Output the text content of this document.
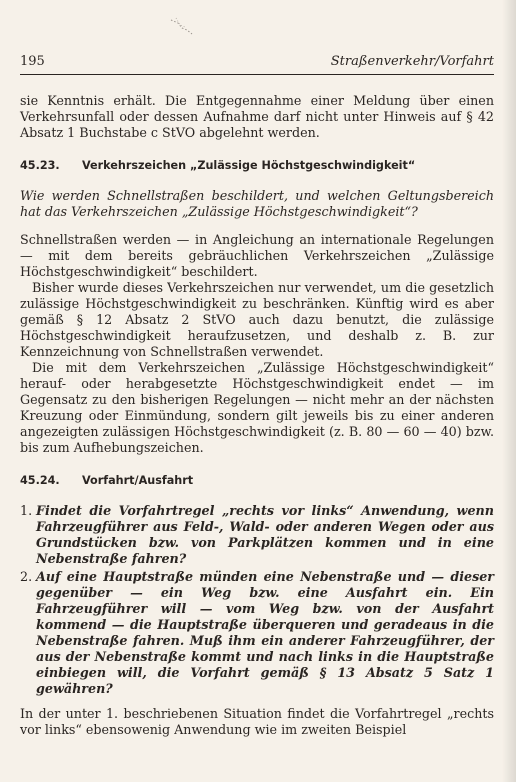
195	Straßenverkehr/Vorfahrt

sie Kenntnis erhält. Die Entgegennahme einer Meldung über einen Verkehrsunfall oder dessen Aufnahme darf nicht unter Hinweis auf § 42 Absatz 1 Buchstabe c StVO abgelehnt werden.

45.23.	Verkehrszeichen „Zulässige Höchstgeschwindigkeit“

Wie werden Schnellstraßen beschildert, und welchen Geltungsbereich hat das Verkehrszeichen „Zulässige Höchstgeschwindigkeit“?

Schnellstraßen werden — in Angleichung an internationale Regelungen — mit dem bereits gebräuchlichen Verkehrszeichen „Zulässige Höchstgeschwindigkeit“ beschildert.

Bisher wurde dieses Verkehrszeichen nur verwendet, um die gesetzlich zulässige Höchstgeschwindigkeit zu beschränken. Künftig wird es aber gemäß § 12 Absatz 2 StVO auch dazu benutzt, die zulässige Höchstgeschwindigkeit heraufzusetzen, und deshalb z. B. zur Kennzeichnung von Schnellstraßen verwendet.

Die mit dem Verkehrszeichen „Zulässige Höchstgeschwindigkeit“ herauf- oder herabgesetzte Höchstgeschwindigkeit endet — im Gegensatz zu den bisherigen Regelungen — nicht mehr an der nächsten Kreuzung oder Einmündung, sondern gilt jeweils bis zu einer anderen angezeigten zulässigen Höchstgeschwindigkeit (z. B. 80 — 60 — 40) bzw. bis zum Aufhebungszeichen.

45.24.	Vorfahrt/Ausfahrt
1. Findet die Vorfahrtregel „rechts vor links“ Anwendung, wenn Fahrzeugführer aus Feld-, Wald- oder anderen Wegen oder aus Grundstücken bzw. von Parkplätzen kommen und in eine Nebenstraße fahren?
2. Auf eine Hauptstraße münden eine Nebenstraße und — dieser gegenüber — ein Weg bzw. eine Ausfahrt ein. Ein Fahrzeugführer will — vom Weg bzw. von der Ausfahrt kommend — die Hauptstraße überqueren und geradeaus in die Nebenstraße fahren. Muß ihm ein anderer Fahrzeugführer, der aus der Nebenstraße kommt und nach links in die Hauptstraße einbiegen will, die Vorfahrt gemäß § 13 Absatz 5 Satz 1 gewähren?

In der unter 1. beschriebenen Situation findet die Vorfahrtregel „rechts vor links“ ebensowenig Anwendung wie im zweiten Beispiel
